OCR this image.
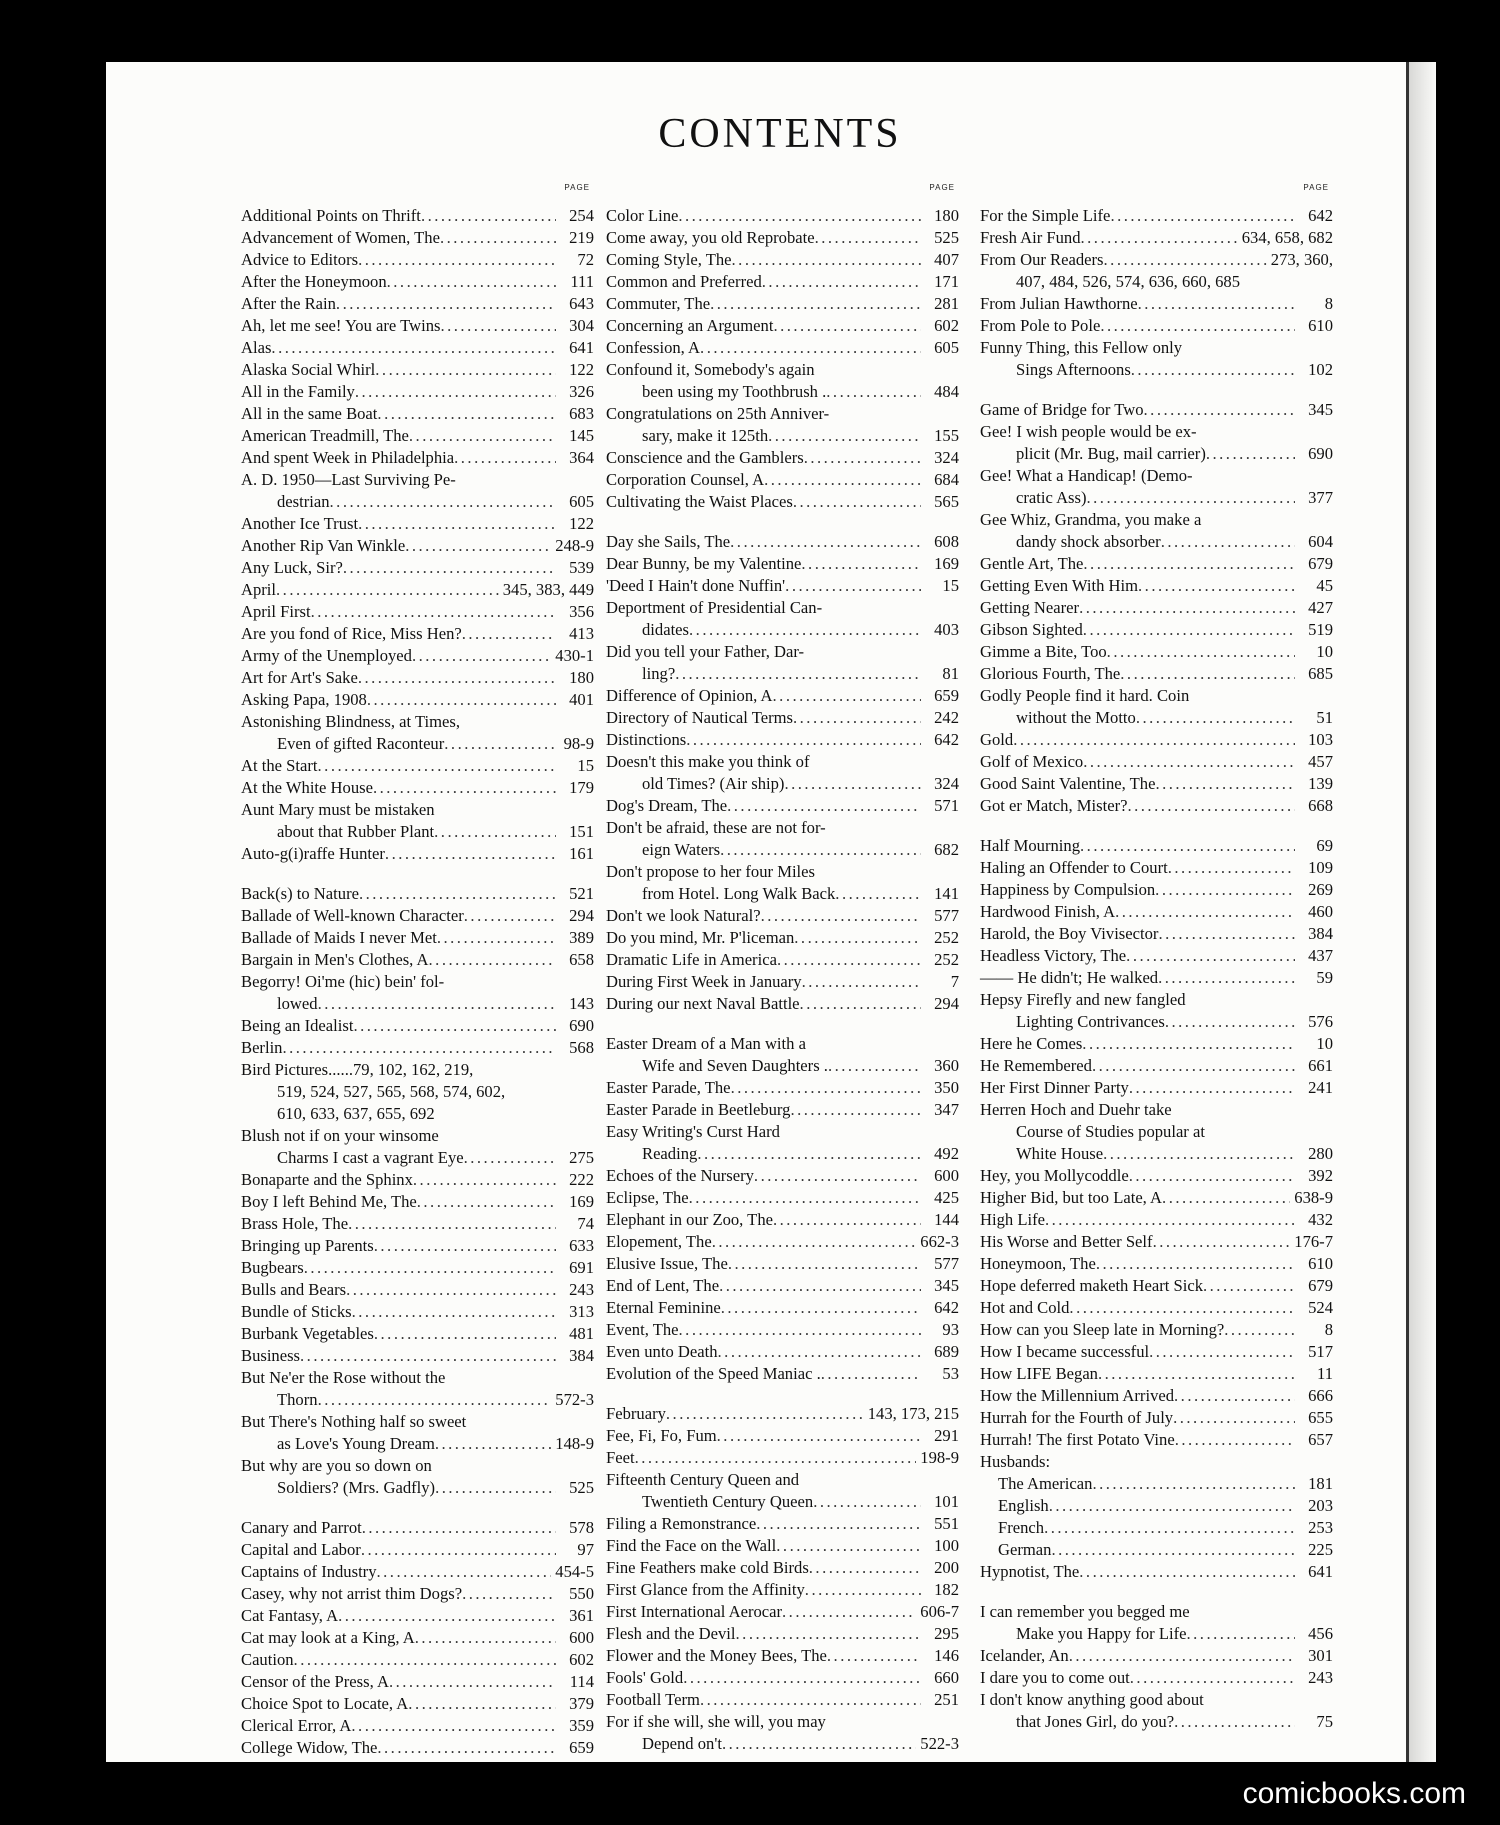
CONTENTS
PAGE
Additional Points on Thrift .....	254
Advancement of Women, The .....	219
Advice to Editors .....	72
After the Honeymoon .....	111
After the Rain .....	643
Ah, let me see! You are Twins .....	304
Alas .....	641
Alaska Social Whirl .....	122
All in the Family .....	326
All in the same Boat .....	683
American Treadmill, The .....	145
And spent Week in Philadelphia .....	364
A. D. 1950—Last Surviving Pe-
destrian .....	605
Another Ice Trust .....	122
Another Rip Van Winkle .....	248-9
Any Luck, Sir? .....	539
April .....	345, 383, 449
April First .....	356
Are you fond of Rice, Miss Hen? .....	413
Army of the Unemployed .....	430-1
Art for Art's Sake .....	180
Asking Papa, 1908 .....	401
Astonishing Blindness, at Times,
Even of gifted Raconteur .....	98-9
At the Start .....	15
At the White House .....	179
Aunt Mary must be mistaken
about that Rubber Plant .....	151
Auto-g(i)raffe Hunter .....	161
Back(s) to Nature .....	521
Ballade of Well-known Character .....	294
Ballade of Maids I never Met .....	389
Bargain in Men's Clothes, A .....	658
Begorry! Oi'me (hic) bein' fol-
lowed .....	143
Being an Idealist .....	690
Berlin .....	568
Bird Pictures......79, 102, 162, 219,
519, 524, 527, 565, 568, 574, 602,
610, 633, 637, 655, 692
Blush not if on your winsome
Charms I cast a vagrant Eye .....	275
Bonaparte and the Sphinx .....	222
Boy I left Behind Me, The .....	169
Brass Hole, The .....	74
Bringing up Parents .....	633
Bugbears .....	691
Bulls and Bears .....	243
Bundle of Sticks .....	313
Burbank Vegetables .....	481
Business .....	384
But Ne'er the Rose without the
Thorn .....	572-3
But There's Nothing half so sweet
as Love's Young Dream .....	148-9
But why are you so down on
Soldiers? (Mrs. Gadfly) .....	525
Canary and Parrot .....	578
Capital and Labor .....	97
Captains of Industry .....	454-5
Casey, why not arrist thim Dogs? .....	550
Cat Fantasy, A .....	361
Cat may look at a King, A .....	600
Caution .....	602
Censor of the Press, A .....	114
Choice Spot to Locate, A .....	379
Clerical Error, A .....	359
College Widow, The .....	659
PAGE
Color Line .....	180
Come away, you old Reprobate .....	525
Coming Style, The .....	407
Common and Preferred .....	171
Commuter, The .....	281
Concerning an Argument .....	602
Confession, A .....	605
Confound it, Somebody's again
been using my Toothbrush . .....	484
Congratulations on 25th Anniver-
sary, make it 125th .....	155
Conscience and the Gamblers .....	324
Corporation Counsel, A .....	684
Cultivating the Waist Places .....	565
Day she Sails, The .....	608
Dear Bunny, be my Valentine .....	169
'Deed I Hain't done Nuffin' .....	15
Deportment of Presidential Can-
didates .....	403
Did you tell your Father, Dar-
ling? .....	81
Difference of Opinion, A .....	659
Directory of Nautical Terms .....	242
Distinctions .....	642
Doesn't this make you think of
old Times? (Air ship) .....	324
Dog's Dream, The .....	571
Don't be afraid, these are not for-
eign Waters .....	682
Don't propose to her four Miles
from Hotel. Long Walk Back .....	141
Don't we look Natural? .....	577
Do you mind, Mr. P'liceman .....	252
Dramatic Life in America .....	252
During First Week in January .....	7
During our next Naval Battle .....	294
Easter Dream of a Man with a
Wife and Seven Daughters . .....	360
Easter Parade, The .....	350
Easter Parade in Beetleburg .....	347
Easy Writing's Curst Hard
Reading .....	492
Echoes of the Nursery .....	600
Eclipse, The .....	425
Elephant in our Zoo, The .....	144
Elopement, The .....	662-3
Elusive Issue, The .....	577
End of Lent, The .....	345
Eternal Feminine .....	642
Event, The .....	93
Even unto Death .....	689
Evolution of the Speed Maniac . .....	53
February .....	143, 173, 215
Fee, Fi, Fo, Fum .....	291
Feet .....	198-9
Fifteenth Century Queen and
Twentieth Century Queen .....	101
Filing a Remonstrance .....	551
Find the Face on the Wall .....	100
Fine Feathers make cold Birds .....	200
First Glance from the Affinity .....	182
First International Aerocar .....	606-7
Flesh and the Devil .....	295
Flower and the Money Bees, The .....	146
Fools' Gold .....	660
Football Term .....	251
For if she will, she will, you may
Depend on't .....	522-3
PAGE
For the Simple Life .....	642
Fresh Air Fund .....	634, 658, 682
From Our Readers .....	273, 360,
407, 484, 526, 574, 636, 660, 685
From Julian Hawthorne .....	8
From Pole to Pole .....	610
Funny Thing, this Fellow only
Sings Afternoons .....	102
Game of Bridge for Two .....	345
Gee! I wish people would be ex-
plicit (Mr. Bug, mail carrier) .....	690
Gee! What a Handicap! (Demo-
cratic Ass) .....	377
Gee Whiz, Grandma, you make a
dandy shock absorber .....	604
Gentle Art, The .....	679
Getting Even With Him .....	45
Getting Nearer .....	427
Gibson Sighted .....	519
Gimme a Bite, Too .....	10
Glorious Fourth, The .....	685
Godly People find it hard. Coin
without the Motto .....	51
Gold .....	103
Golf of Mexico .....	457
Good Saint Valentine, The .....	139
Got er Match, Mister? .....	668
Half Mourning .....	69
Haling an Offender to Court .....	109
Happiness by Compulsion .....	269
Hardwood Finish, A .....	460
Harold, the Boy Vivisector .....	384
Headless Victory, The .....	437
—— He didn't; He walked .....	59
Hepsy Firefly and new fangled
Lighting Contrivances .....	576
Here he Comes .....	10
He Remembered .....	661
Her First Dinner Party .....	241
Herren Hoch and Duehr take
Course of Studies popular at
White House .....	280
Hey, you Mollycoddle .....	392
Higher Bid, but too Late, A .....	638-9
High Life .....	432
His Worse and Better Self .....	176-7
Honeymoon, The .....	610
Hope deferred maketh Heart Sick .....	679
Hot and Cold .....	524
How can you Sleep late in Morning? .....	8
How I became successful .....	517
How LIFE Began .....	11
How the Millennium Arrived .....	666
Hurrah for the Fourth of July .....	655
Hurrah! The first Potato Vine .....	657
Husbands:
The American .....	181
English .....	203
French .....	253
German .....	225
Hypnotist, The .....	641
I can remember you begged me
Make you Happy for Life .....	456
Icelander, An .....	301
I dare you to come out .....	243
I don't know anything good about
that Jones Girl, do you? .....	75
comicbooks.com
